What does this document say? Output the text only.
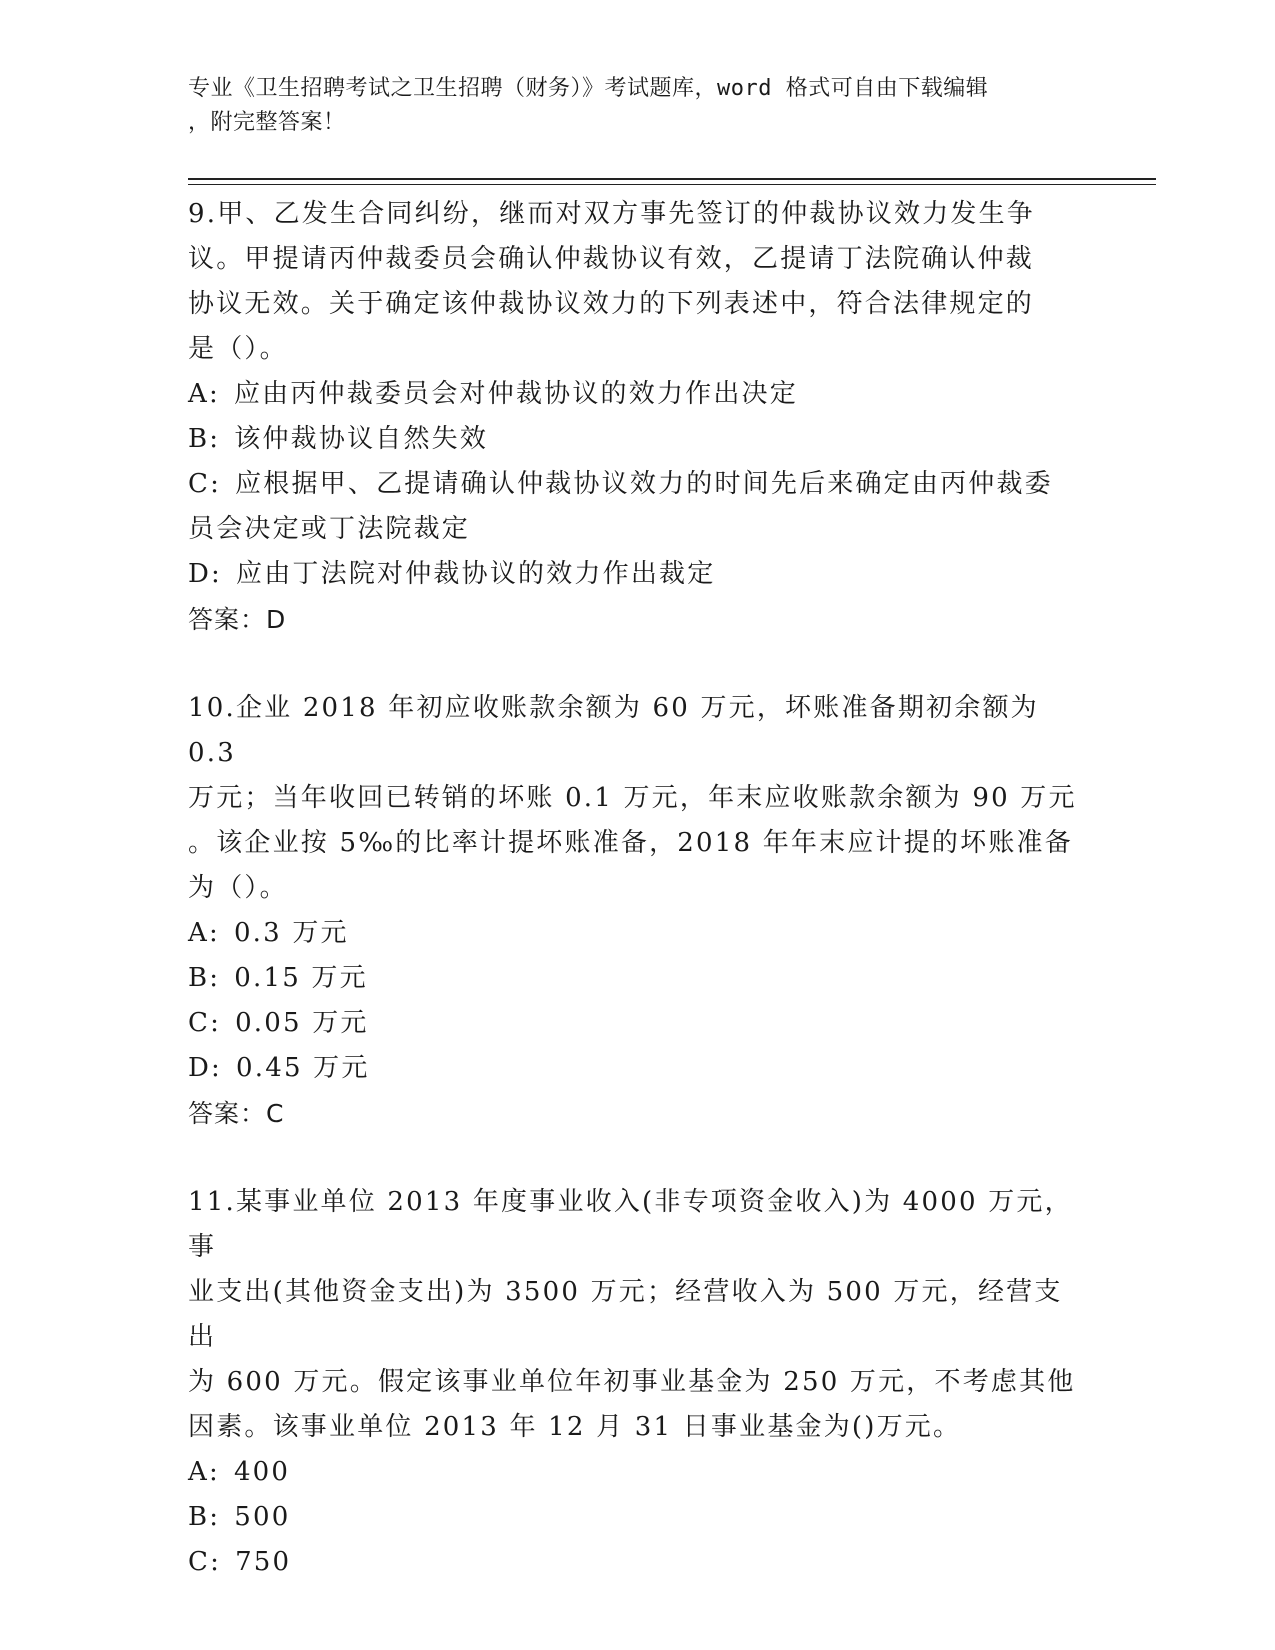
专业《卫生招聘考试之卫生招聘（财务）》考试题库，word 格式可自由下载编辑
，附完整答案！

9.甲、乙发生合同纠纷，继而对双方事先签订的仲裁协议效力发生争

议。甲提请丙仲裁委员会确认仲裁协议有效，乙提请丁法院确认仲裁

协议无效。关于确定该仲裁协议效力的下列表述中，符合法律规定的

是（）。

A: 应由丙仲裁委员会对仲裁协议的效力作出决定

B: 该仲裁协议自然失效

C: 应根据甲、乙提请确认仲裁协议效力的时间先后来确定由丙仲裁委

员会决定或丁法院裁定

D: 应由丁法院对仲裁协议的效力作出裁定

答案：D

10.企业 2018 年初应收账款余额为 60 万元，坏账准备期初余额为 0.3

万元；当年收回已转销的坏账 0.1 万元，年末应收账款余额为 90 万元

。该企业按 5‰的比率计提坏账准备，2018 年年末应计提的坏账准备

为（）。

A: 0.3 万元

B: 0.15 万元

C: 0.05 万元

D: 0.45 万元

答案：C

11.某事业单位 2013 年度事业收入(非专项资金收入)为 4000 万元，事

业支出(其他资金支出)为 3500 万元；经营收入为 500 万元，经营支出

为 600 万元。假定该事业单位年初事业基金为 250 万元，不考虑其他

因素。该事业单位 2013 年 12 月 31 日事业基金为()万元。

A: 400

B: 500

C: 750
